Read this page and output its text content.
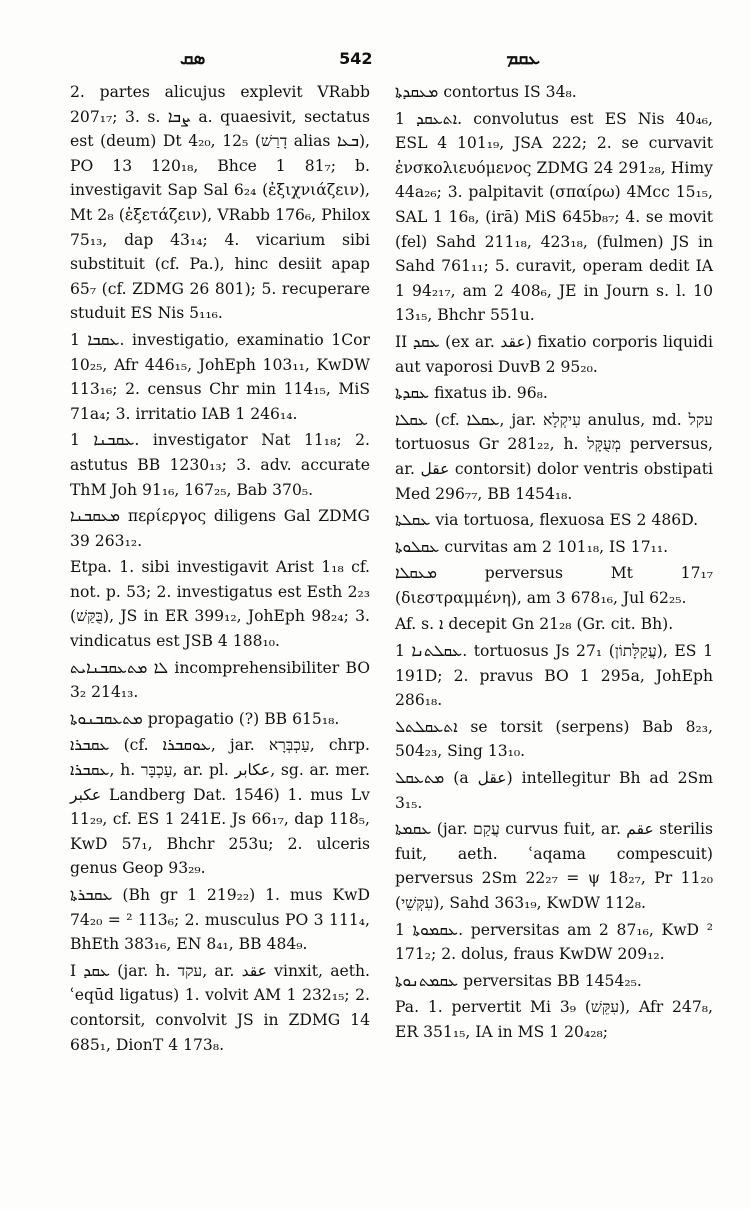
ܣܩ	542	ܥܩܡ

2. partes alicujus explevit VRabb 207₁₇; 3. s. ܨܒܐ a. quaesivit, sectatus est (deum) Dt 4₂₀, 12₅ (דָרַשׁ alias ܒܥܐ), PO 13 120₁₈, Bhce 1 81₇; b. investigavit Sap Sal 6₂₄ (ἐξιχνιάζειν), Mt 2₈ (ἐξετάζειν), VRabb 176₆, Philox 75₁₃, dap 43₁₄; 4. vicarium sibi substituit (cf. Pa.), hinc desiit apap 65₇ (cf. ZDMG 26 801); 5. recuperare studuit ES Nis 5₁₁₆.

ܥܩܒܐ 1. investigatio, examinatio 1Cor 10₂₅, Afr 446₁₅, JohEph 103₁₁, KwDW 113₁₆; 2. census Chr min 114₁₅, MiS 71a₄; 3. irritatio IAB 1 246₁₄.

ܥܩܒܢܐ 1. investigator Nat 11₁₈; 2. astutus BB 1230₁₃; 3. adv. accurate ThM Joh 91₁₆, 167₂₅, Bab 370₅.

ܡܥܩܒܢܐ περίεργος diligens Gal ZDMG 39 263₁₂.

Etpa. 1. sibi investigavit Arist 1₁₈ cf. not. p. 53; 2. investigatus est Esth 2₂₃ (בֻּקַּשׁ), JS in ER 399₁₂, JohEph 98₂₄; 3. vindicatus est JSB 4 188₁₀.

ܠܐ ܡܬܥܩܒܢܐܝܬ incomprehensibiliter BO 3₂ 214₁₃.

ܡܬܥܩܒܢܘܬܐ propagatio (?) BB 615₁₈.

ܥܩܒܪܐ (cf. ܥܘܩܒܪܐ, jar. עַכְבְּרָא, chrp. ܥܩܒܪܐ, h. עַכְבָּר, ar. pl. عكابر, sg. ar. mer. عكبر Landberg Dat. 1546) 1. mus Lv 11₂₉, cf. ES 1 241E. Js 66₁₇, dap 118₅, KwD 57₁, Bhchr 253u; 2. ulceris genus Geop 93₂₉.

ܥܩܒܪܬܐ (Bh gr 1 219₂₂) 1. mus KwD 74₂₀ = ² 113₆; 2. musculus PO 3 111₄, BhEth 383₁₆, EN 8₄₁, BB 484₉.

I ܥܩܕ (jar. h. עקד, ar. عقد vinxit, aeth. ʿeqūd ligatus) 1. volvit AM 1 232₁₅; 2. contorsit, convolvit JS in ZDMG 14 685₁, DionT 4 173₈.

ܡܥܩܕܬܐ contortus IS 34₈.

ܐܬܥܩܕ 1. convolutus est ES Nis 40₄₆, ESL 4 101₁₉, JSA 222; 2. se curvavit ἐνσκολιευόμενος ZDMG 24 291₂₈, Himy 44a₂₆; 3. palpitavit (σπαίρω) 4Mcc 15₁₅, SAL 1 16₈, (irā) MiS 645b₈₇; 4. se movit (fel) Sahd 211₁₈, 423₁₈, (fulmen) JS in Sahd 761₁₁; 5. curavit, operam dedit IA 1 94₂₁₇, am 2 408₆, JE in Journ s. l. 10 13₁₅, Bhchr 551u.

II ܥܩܕ (ex ar. عقد) fixatio corporis liquidi aut vaporosi DuvB 2 95₂₀.

ܥܩܕܬܐ fixatus ib. 96₈.

ܥܩܠܐ (cf. ܥܩܠܐ, jar. עִיקְלָא anulus, md. עקל tortuosus Gr 281₂₂, h. מְעֻקָּל perversus, ar. عقل contorsit) dolor ventris obstipati Med 296₇₇, BB 1454₁₈.

ܥܩܠܬܐ via tortuosa, flexuosa ES 2 486D.

ܥܩܠܘܬܐ curvitas am 2 101₁₈, IS 17₁₁.

ܡܥܩܠܐ perversus Mt 17₁₇ (διεστραμμένη), am 3 678₁₆, Jul 62₂₅.

Af. s. ܐ decepit Gn 21₂₈ (Gr. cit. Bh).

ܥܩܠܬܢܐ 1. tortuosus Js 27₁ (עֲקַלָּתוֹן), ES 1 191D; 2. pravus BO 1 295a, JohEph 286₁₈.

ܐܬܥܩܠܬܠ se torsit (serpens) Bab 8₂₃, 504₂₃, Sing 13₁₀.

ܡܬܥܩܠ (a عقل) intellegitur Bh ad 2Sm 3₁₅.

ܥܩܡܬܐ (jar. עֲקַם curvus fuit, ar. عقم sterilis fuit, aeth. ʿaqama compescuit) perversus 2Sm 22₂₇ = ψ 18₂₇, Pr 11₂₀ (עִקְּשֵׁי), Sahd 363₁₉, KwDW 112₈.

ܥܩܡܘܬܐ 1. perversitas am 2 87₁₆, KwD ² 171₂; 2. dolus, fraus KwDW 209₁₂.

ܥܩܡܬܢܘܬܐ perversitas BB 1454₂₅.

Pa. 1. pervertit Mi 3₉ (עִקֵּשׁ), Afr 247₈, ER 351₁₅, IA in MS 1 20₄₂₈;
